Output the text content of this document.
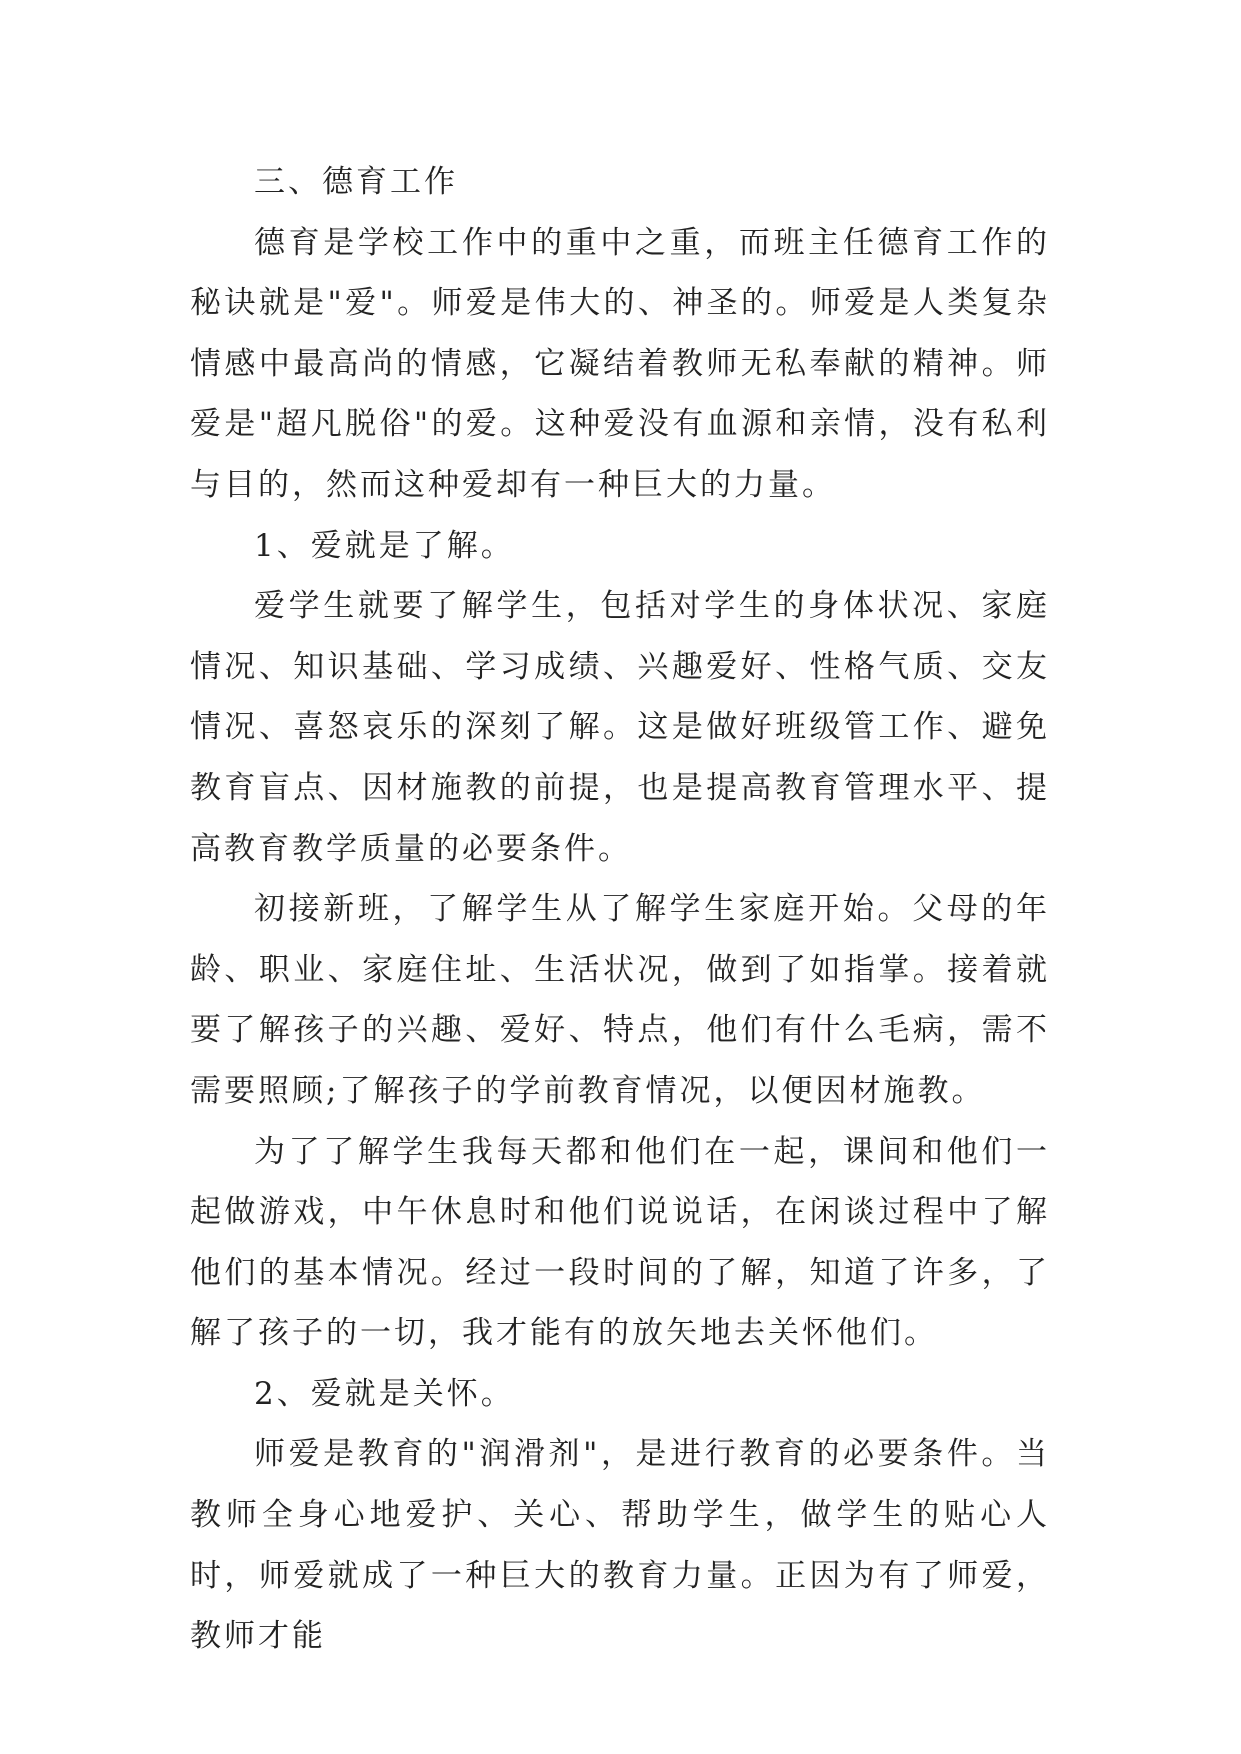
三、德育工作

德育是学校工作中的重中之重，而班主任德育工作的秘诀就是"爱"。师爱是伟大的、神圣的。师爱是人类复杂情感中最高尚的情感，它凝结着教师无私奉献的精神。师爱是"超凡脱俗"的爱。这种爱没有血源和亲情，没有私利与目的，然而这种爱却有一种巨大的力量。

1、爱就是了解。

爱学生就要了解学生，包括对学生的身体状况、家庭情况、知识基础、学习成绩、兴趣爱好、性格气质、交友情况、喜怒哀乐的深刻了解。这是做好班级管工作、避免教育盲点、因材施教的前提，也是提高教育管理水平、提高教育教学质量的必要条件。

初接新班，了解学生从了解学生家庭开始。父母的年龄、职业、家庭住址、生活状况，做到了如指掌。接着就要了解孩子的兴趣、爱好、特点，他们有什么毛病，需不需要照顾;了解孩子的学前教育情况，以便因材施教。

为了了解学生我每天都和他们在一起，课间和他们一起做游戏，中午休息时和他们说说话，在闲谈过程中了解他们的基本情况。经过一段时间的了解，知道了许多，了解了孩子的一切，我才能有的放矢地去关怀他们。

2、爱就是关怀。

师爱是教育的"润滑剂"，是进行教育的必要条件。当教师全身心地爱护、关心、帮助学生，做学生的贴心人时，师爱就成了一种巨大的教育力量。正因为有了师爱，教师才能
